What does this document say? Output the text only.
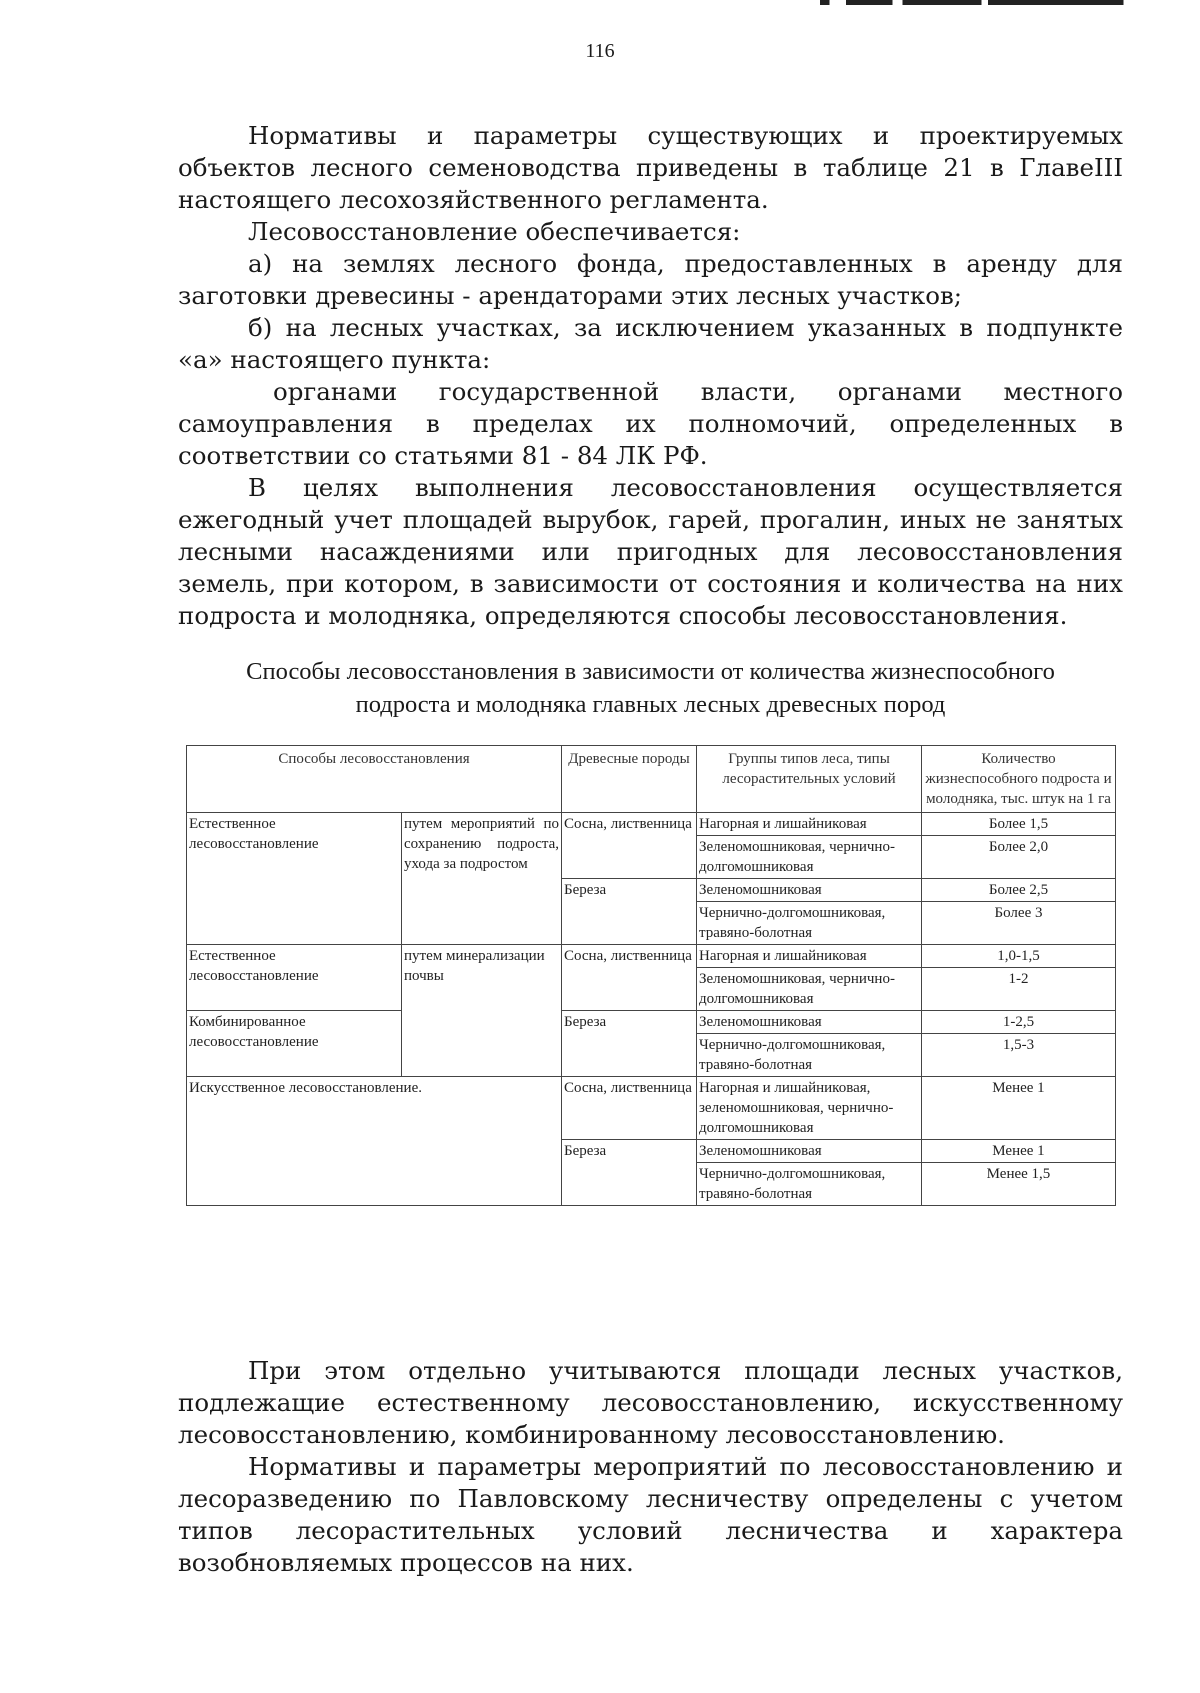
116

Нормативы и параметры существующих и проектируемых объектов лесного семеноводства приведены в таблице 21 в ГлавеIII настоящего лесохозяйственного регламента.

Лесовосстановление обеспечивается:

а) на землях лесного фонда, предоставленных в аренду для заготовки древесины - арендаторами этих лесных участков;

б) на лесных участках, за исключением указанных в подпункте «а» настоящего пункта:

органами государственной власти, органами местного самоуправления в пределах их полномочий, определенных в соответствии со статьями 81 - 84 ЛК РФ.

В целях выполнения лесовосстановления осуществляется ежегодный учет площадей вырубок, гарей, прогалин, иных не занятых лесными насаждениями или пригодных для лесовосстановления земель, при котором, в зависимости от состояния и количества на них подроста и молодняка, определяются способы лесовосстановления.

Способы лесовосстановления в зависимости от количества жизнеспособного
подроста и молодняка главных лесных древесных пород
Способы лесовосстановления		Древесные породы	Группы типов леса, типы лесорастительных условий	Количество жизнеспособного подроста и молодняка, тыс. штук на 1 га
Естественное лесовосстановление	путем мероприятий по сохранению подроста, ухода за подростом	Сосна, лиственница	Нагорная и лишайниковая	Более 1,5
			Зеленомошниковая, чернично-долгомошниковая	Более 2,0
		Береза	Зеленомошниковая	Более 2,5
			Чернично-долгомошниковая, травяно-болотная	Более 3
Естественное лесовосстановление	путем минерализации почвы	Сосна, лиственница	Нагорная и лишайниковая	1,0-1,5
			Зеленомошниковая, чернично-долгомошниковая	1-2
Комбинированное лесовосстановление		Береза	Зеленомошниковая	1-2,5
			Чернично-долгомошниковая, травяно-болотная	1,5-3
Искусственное лесовосстановление.		Сосна, лиственница	Нагорная и лишайниковая, зеленомошниковая, чернично-долгомошниковая	Менее 1
		Береза	Зеленомошниковая	Менее 1
			Чернично-долгомошниковая, травяно-болотная	Менее 1,5

При этом отдельно учитываются площади лесных участков, подлежащие естественному лесовосстановлению, искусственному лесовосстановлению, комбинированному лесовосстановлению.

Нормативы и параметры мероприятий по лесовосстановлению и лесоразведению по Павловскому лесничеству определены с учетом типов лесорастительных условий лесничества и характера возобновляемых процессов на них.
